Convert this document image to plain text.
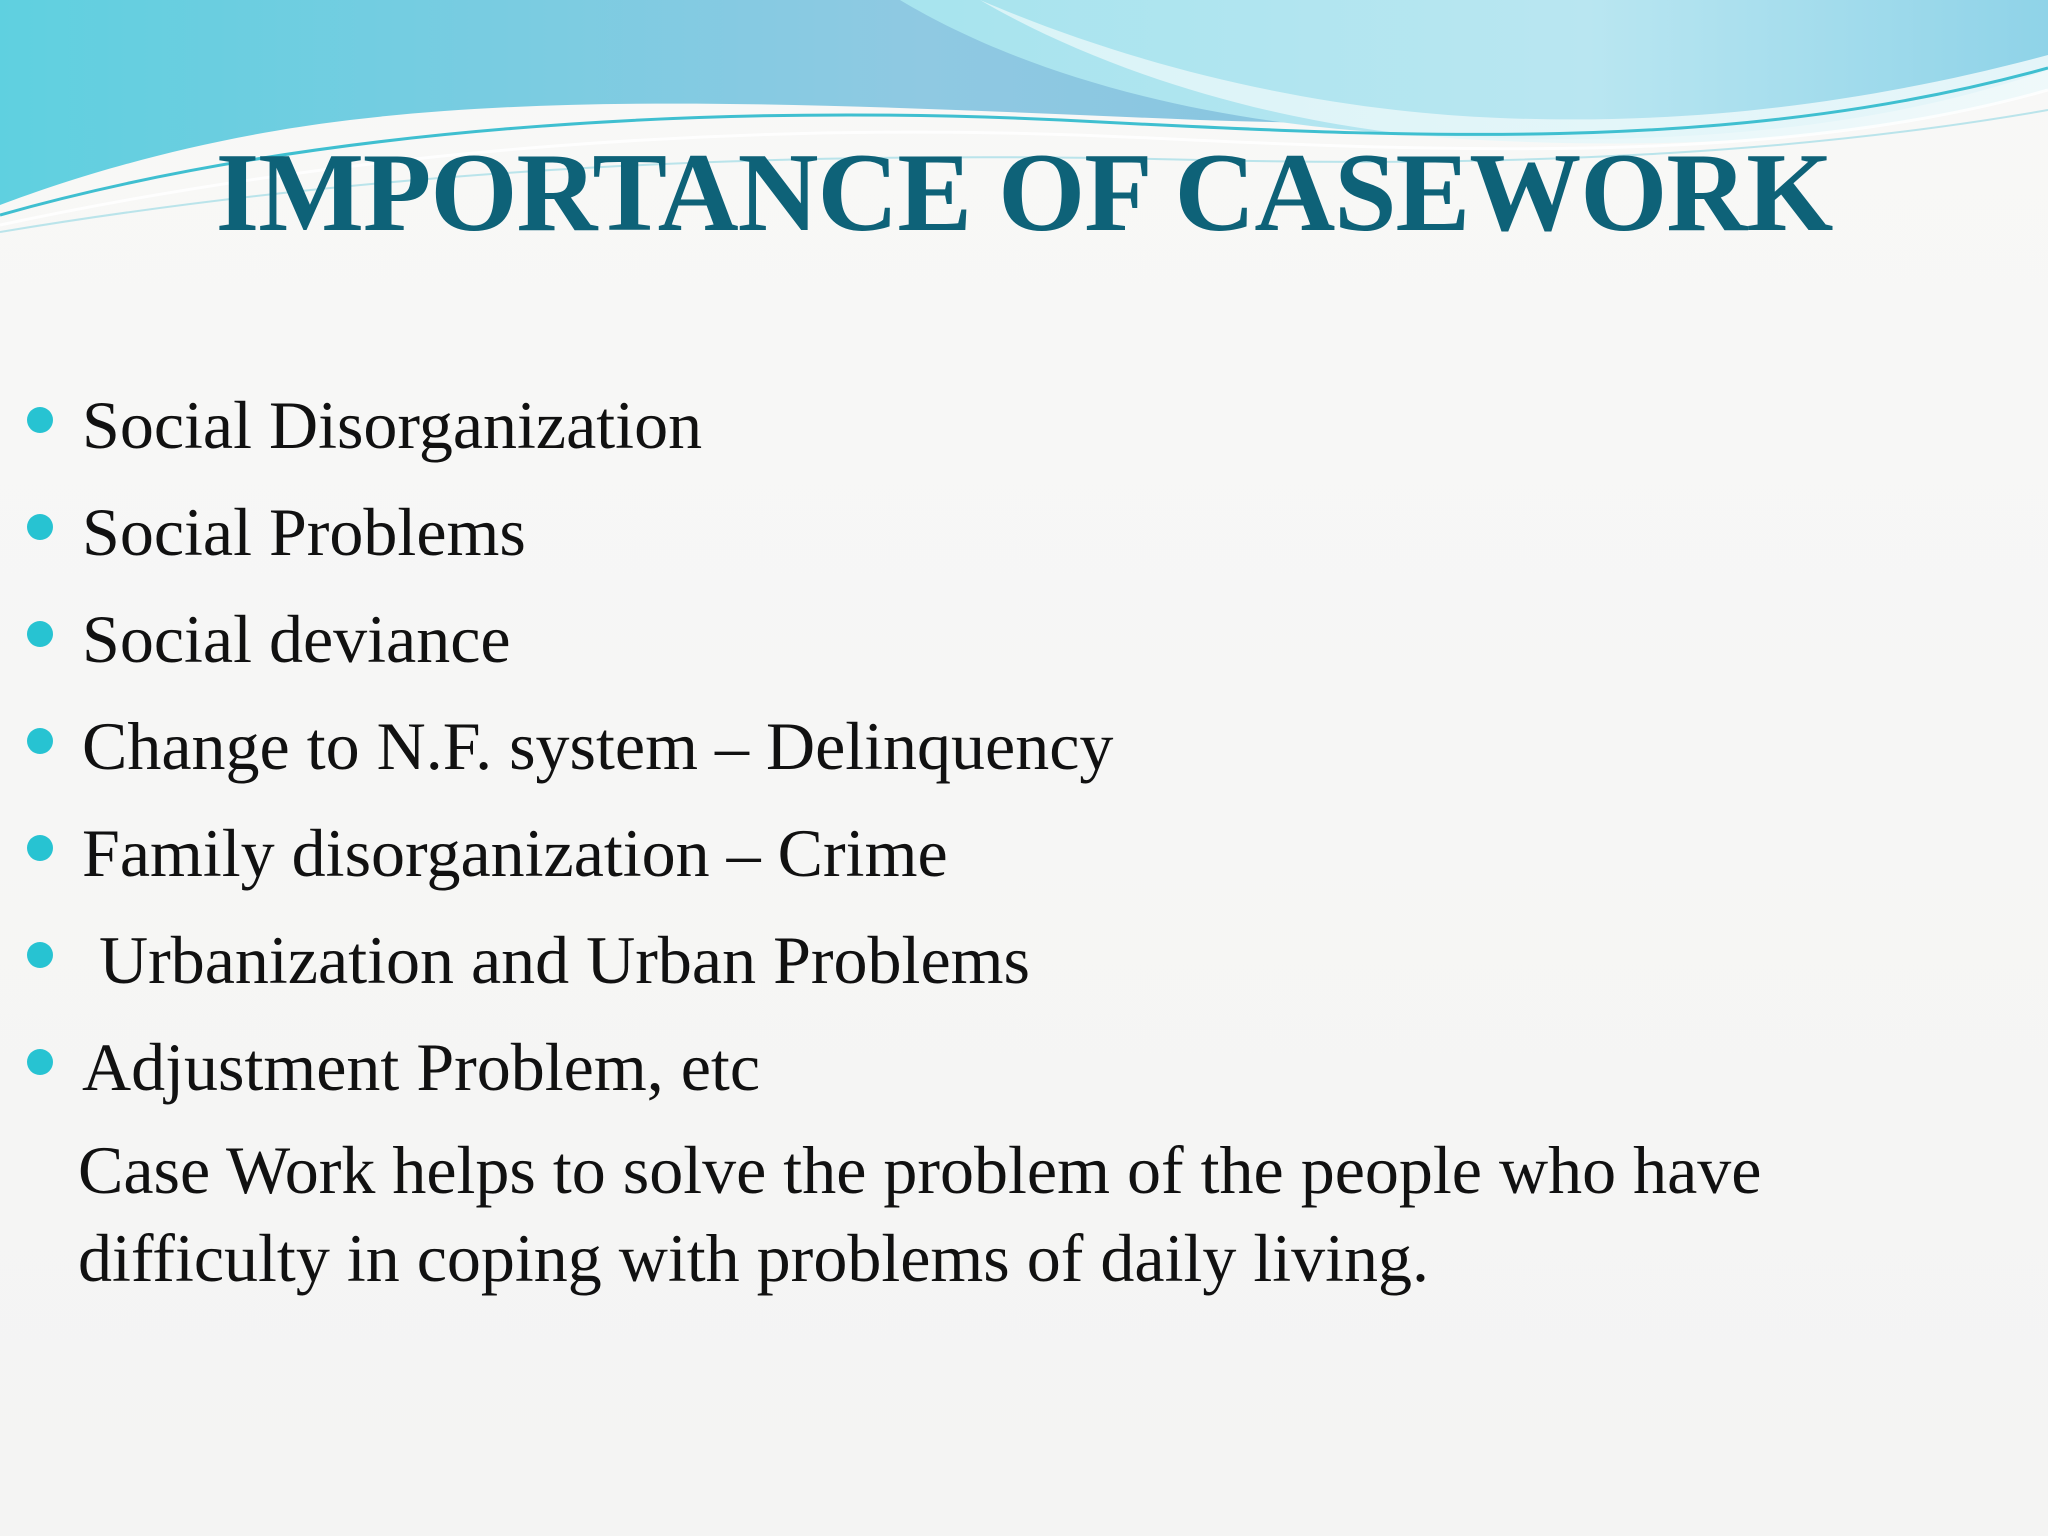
IMPORTANCE OF CASEWORK
Social Disorganization
Social Problems
Social deviance
Change to N.F. system – Delinquency
Family disorganization – Crime
Urbanization and Urban Problems
Adjustment Problem, etc

Case Work helps to solve the problem of the people who have difficulty in coping with problems of daily living.
